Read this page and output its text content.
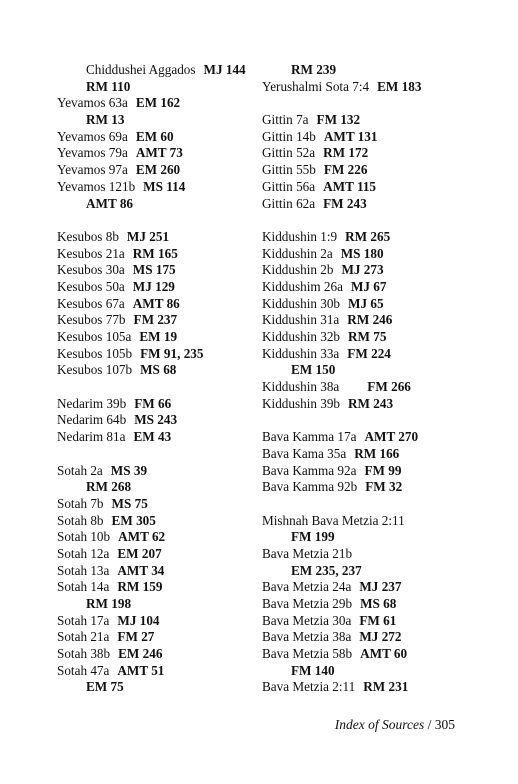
Chiddushei Aggados MJ 144
RM 110
Yevamos 63a EM 162
RM 13
Yevamos 69a EM 60
Yevamos 79a AMT 73
Yevamos 97a EM 260
Yevamos 121b MS 114
AMT 86
Kesubos 8b MJ 251
Kesubos 21a RM 165
Kesubos 30a MS 175
Kesubos 50a MJ 129
Kesubos 67a AMT 86
Kesubos 77b FM 237
Kesubos 105a EM 19
Kesubos 105b FM 91, 235
Kesubos 107b MS 68
Nedarim 39b FM 66
Nedarim 64b MS 243
Nedarim 81a EM 43
Sotah 2a MS 39
RM 268
Sotah 7b MS 75
Sotah 8b EM 305
Sotah 10b AMT 62
Sotah 12a EM 207
Sotah 13a AMT 34
Sotah 14a RM 159
RM 198
Sotah 17a MJ 104
Sotah 21a FM 27
Sotah 38b EM 246
Sotah 47a AMT 51
EM 75
RM 239
Yerushalmi Sota 7:4 EM 183
Gittin 7a FM 132
Gittin 14b AMT 131
Gittin 52a RM 172
Gittin 55b FM 226
Gittin 56a AMT 115
Gittin 62a FM 243
Kiddushin 1:9 RM 265
Kiddushin 2a MS 180
Kiddushin 2b MJ 273
Kiddushim 26a MJ 67
Kiddushin 30b MJ 65
Kiddushin 31a RM 246
Kiddushin 32b RM 75
Kiddushin 33a FM 224
EM 150
Kiddushin 38a FM 266
Kiddushin 39b RM 243
Bava Kamma 17a AMT 270
Bava Kama 35a RM 166
Bava Kamma 92a FM 99
Bava Kamma 92b FM 32
Mishnah Bava Metzia 2:11
FM 199
Bava Metzia 21b
EM 235, 237
Bava Metzia 24a MJ 237
Bava Metzia 29b MS 68
Bava Metzia 30a FM 61
Bava Metzia 38a MJ 272
Bava Metzia 58b AMT 60
FM 140
Bava Metzia 2:11 RM 231
Index of Sources / 305
